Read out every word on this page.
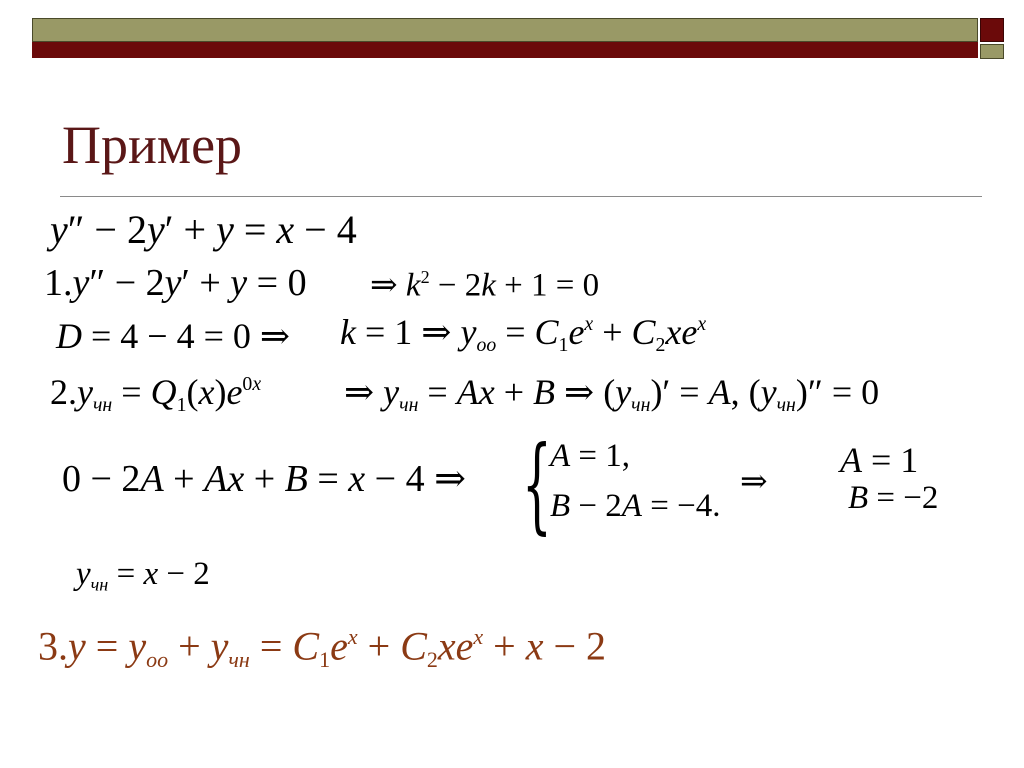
Пример
y″ − 2y′ + y = x − 4
1.y″ − 2y′ + y = 0 ⇒ $k^2 - 2k + 1 = 0$
D = 4 − 4 = 0 ⇒ k = 1 ⇒ $y_{оо} = C_1e^x + C_2xe^x$
$2.y_{чн} = Q_1(x)e^{0x}$ ⇒ $y_{чн} = Ax + B$ ⇒ $(y_{чн})' = A$, $(y_{чн})'' = 0$
0 − 2A + Ax + B = x − 4 ⇒ {
A = 1,
B − 2A = −4.
⇒
A = 1
B = −2
$y_{чн} = x - 2$
$3.y = y_{оо} + y_{чн} = C_1e^x + C_2xe^x + x - 2$
